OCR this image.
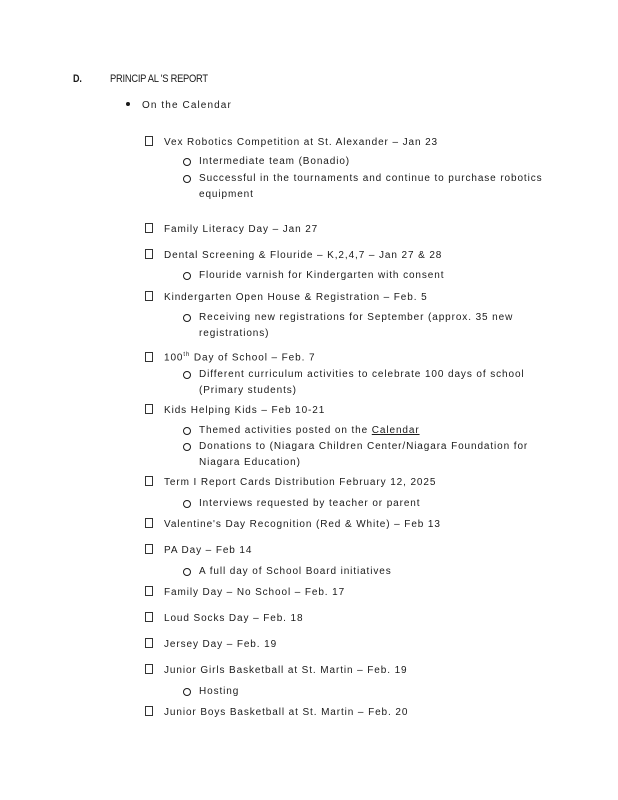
D.	PRINCIP AL 'S REPORT
On the Calendar
Vex Robotics Competition at St. Alexander – Jan 23
Intermediate team (Bonadio)
Successful in the tournaments and continue to purchase robotics equipment
Family Literacy Day – Jan 27
Dental Screening & Flouride – K,2,4,7 – Jan 27 & 28
Flouride varnish for Kindergarten with consent
Kindergarten Open House & Registration – Feb. 5
Receiving new registrations for September (approx. 35 new registrations)
100th Day of School – Feb. 7
Different curriculum activities to celebrate 100 days of school (Primary students)
Kids Helping Kids – Feb 10-21
Themed activities posted on the Calendar
Donations to (Niagara Children Center/Niagara Foundation for Niagara Education)
Term I Report Cards Distribution February 12, 2025
Interviews requested by teacher or parent
Valentine's Day Recognition (Red & White) – Feb 13
PA Day – Feb 14
A full day of School Board initiatives
Family Day – No School – Feb. 17
Loud Socks Day – Feb. 18
Jersey Day – Feb. 19
Junior Girls Basketball at St. Martin – Feb. 19
Hosting
Junior Boys Basketball at St. Martin – Feb. 20
